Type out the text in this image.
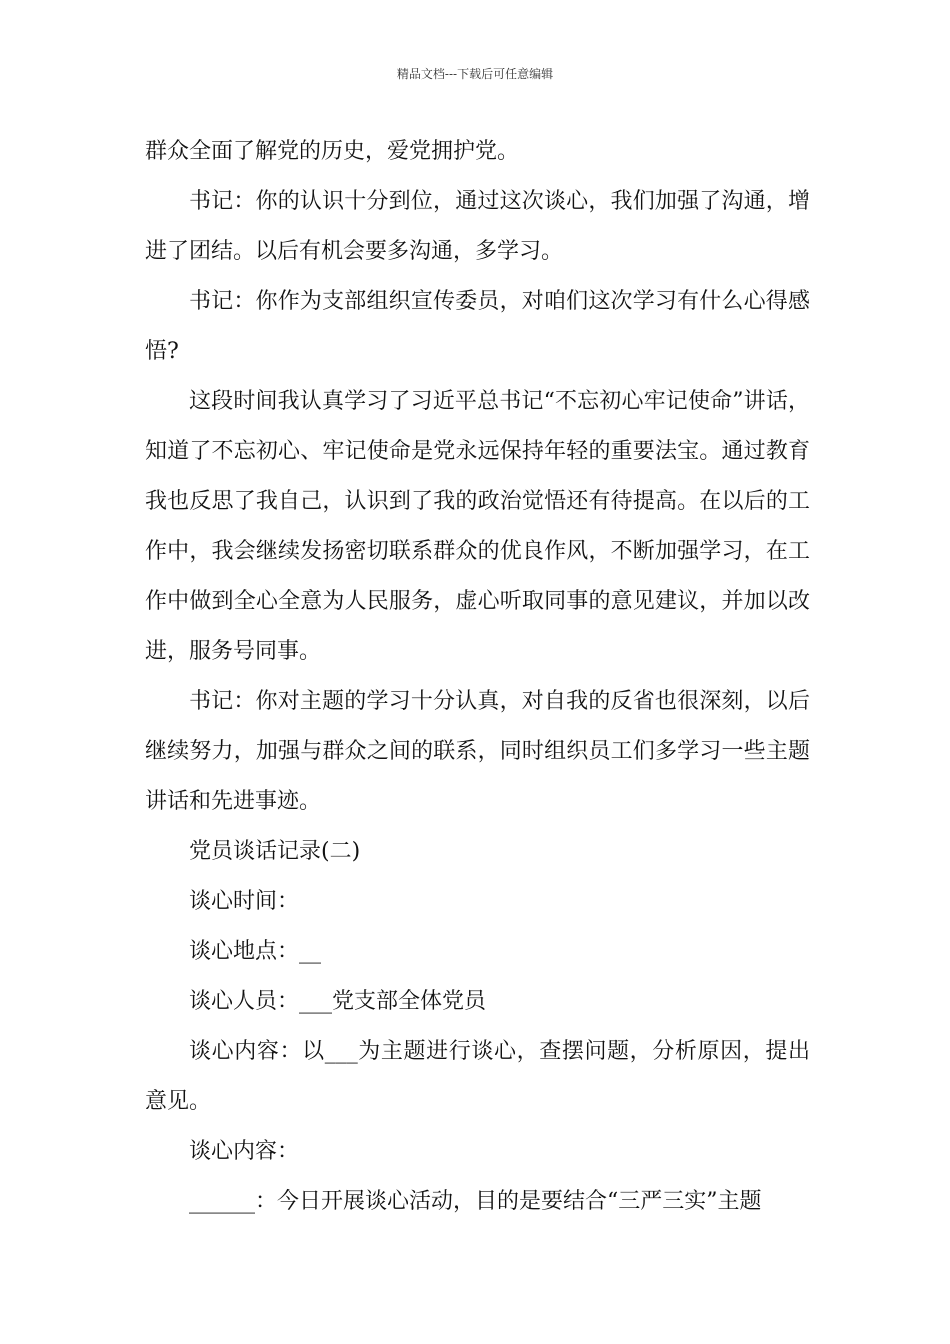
精品文档---下载后可任意编辑

群众全面了解党的历史，爱党拥护党。

书记：你的认识十分到位，通过这次谈心，我们加强了沟通，增进了团结。以后有机会要多沟通，多学习。

书记：你作为支部组织宣传委员，对咱们这次学习有什么心得感悟?

这段时间我认真学习了习近平总书记“不忘初心牢记使命”讲话，知道了不忘初心、牢记使命是党永远保持年轻的重要法宝。通过教育我也反思了我自己，认识到了我的政治觉悟还有待提高。在以后的工作中，我会继续发扬密切联系群众的优良作风，不断加强学习，在工作中做到全心全意为人民服务，虚心听取同事的意见建议，并加以改进，服务号同事。

书记：你对主题的学习十分认真，对自我的反省也很深刻，以后继续努力，加强与群众之间的联系，同时组织员工们多学习一些主题讲话和先进事迹。

党员谈话记录(二)

谈心时间：

谈心地点：__

谈心人员：___党支部全体党员

谈心内容：以___为主题进行谈心，查摆问题，分析原因，提出意见。

谈心内容：

______：今日开展谈心活动，目的是要结合“三严三实”主题
